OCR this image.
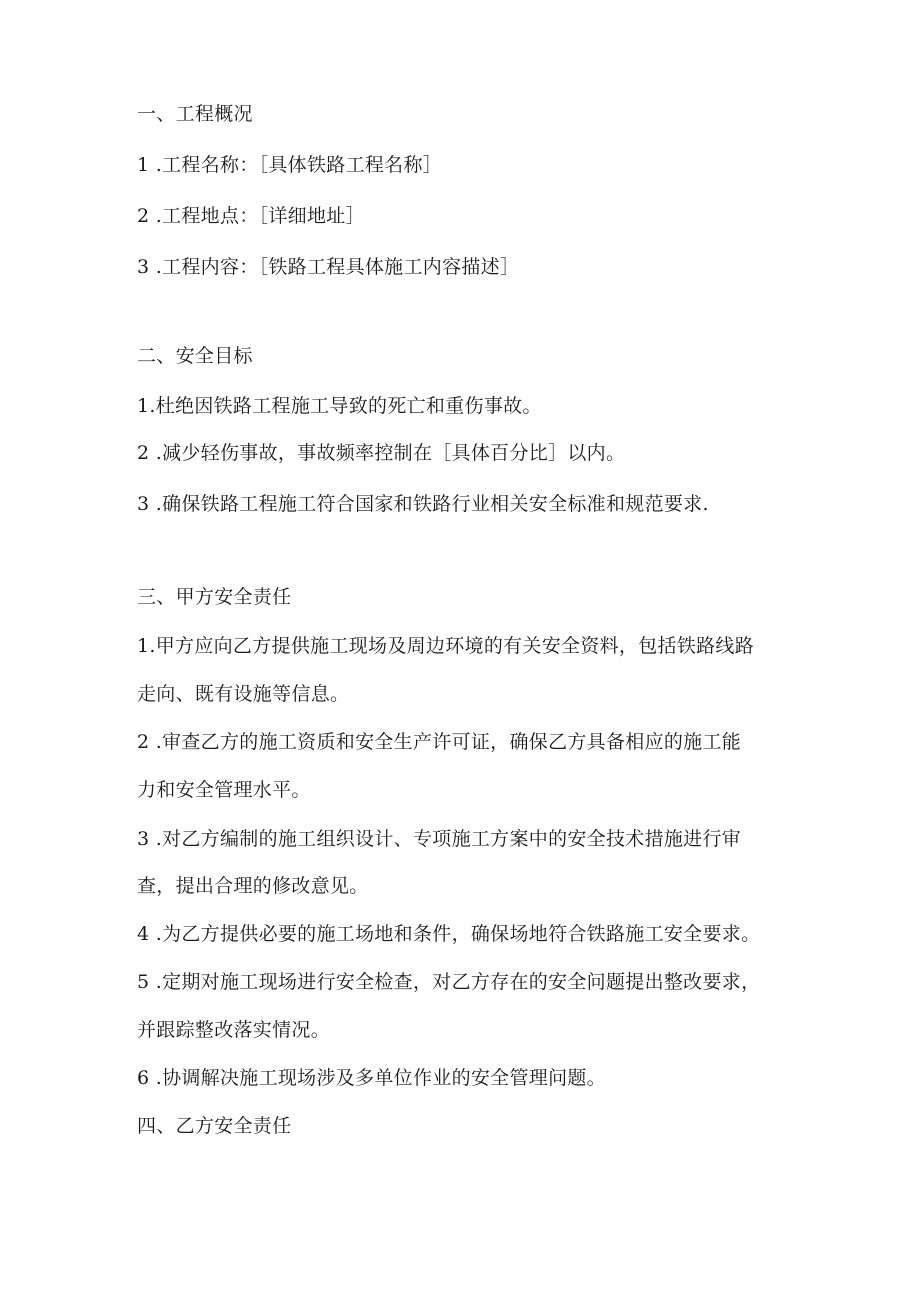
一、工程概况
1 .工程名称：［具体铁路工程名称］
2 .工程地点：［详细地址］
3 .工程内容：［铁路工程具体施工内容描述］
二、安全目标
1.杜绝因铁路工程施工导致的死亡和重伤事故。
2 .减少轻伤事故，事故频率控制在［具体百分比］以内。
3 .确保铁路工程施工符合国家和铁路行业相关安全标准和规范要求.
三、甲方安全责任
1.甲方应向乙方提供施工现场及周边环境的有关安全资料，包括铁路线路
走向、既有设施等信息。
2 .审查乙方的施工资质和安全生产许可证，确保乙方具备相应的施工能
力和安全管理水平。
3 .对乙方编制的施工组织设计、专项施工方案中的安全技术措施进行审
查，提出合理的修改意见。
4 .为乙方提供必要的施工场地和条件，确保场地符合铁路施工安全要求。
5 .定期对施工现场进行安全检查，对乙方存在的安全问题提出整改要求，
并跟踪整改落实情况。
6 .协调解决施工现场涉及多单位作业的安全管理问题。
四、乙方安全责任
